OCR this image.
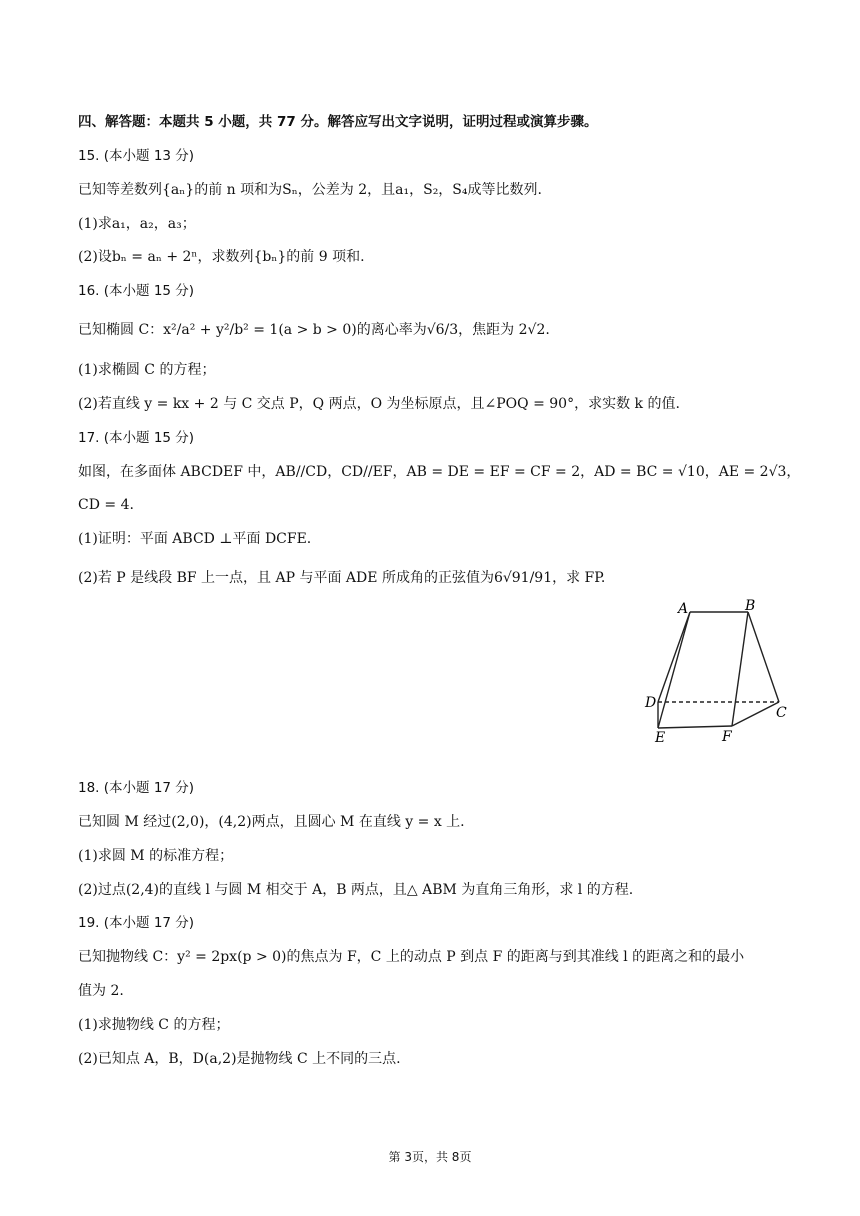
四、解答题：本题共 5 小题，共 77 分。解答应写出文字说明，证明过程或演算步骤。
15. (本小题 13 分)
已知等差数列{aₙ}的前 n 项和为Sₙ，公差为 2，且a₁，S₂，S₄成等比数列.
(1)求a₁，a₂，a₃；
(2)设bₙ = aₙ + 2ⁿ，求数列{bₙ}的前 9 项和.
16. (本小题 15 分)
已知椭圆 C：x²/a² + y²/b² = 1(a > b > 0)的离心率为√6/3，焦距为 2√2.
(1)求椭圆 C 的方程；
(2)若直线 y = kx + 2 与 C 交点 P，Q 两点，O 为坐标原点，且∠POQ = 90°，求实数 k 的值.
17. (本小题 15 分)
如图，在多面体 ABCDEF 中，AB//CD，CD//EF，AB = DE = EF = CF = 2，AD = BC = √10，AE = 2√3，
CD = 4.
(1)证明：平面 ABCD ⊥平面 DCFE.
(2)若 P 是线段 BF 上一点，且 AP 与平面 ADE 所成角的正弦值为6√91/91，求 FP.
A	B
D
C
E	F
18. (本小题 17 分)
已知圆 M 经过(2,0)，(4,2)两点，且圆心 M 在直线 y = x 上.
(1)求圆 M 的标准方程；
(2)过点(2,4)的直线 l 与圆 M 相交于 A，B 两点，且△ ABM 为直角三角形，求 l 的方程.
19. (本小题 17 分)
已知抛物线 C：y² = 2px(p > 0)的焦点为 F，C 上的动点 P 到点 F 的距离与到其准线 l 的距离之和的最小
值为 2.
(1)求抛物线 C 的方程；
(2)已知点 A，B，D(a,2)是抛物线 C 上不同的三点.
第 3页，共 8页
